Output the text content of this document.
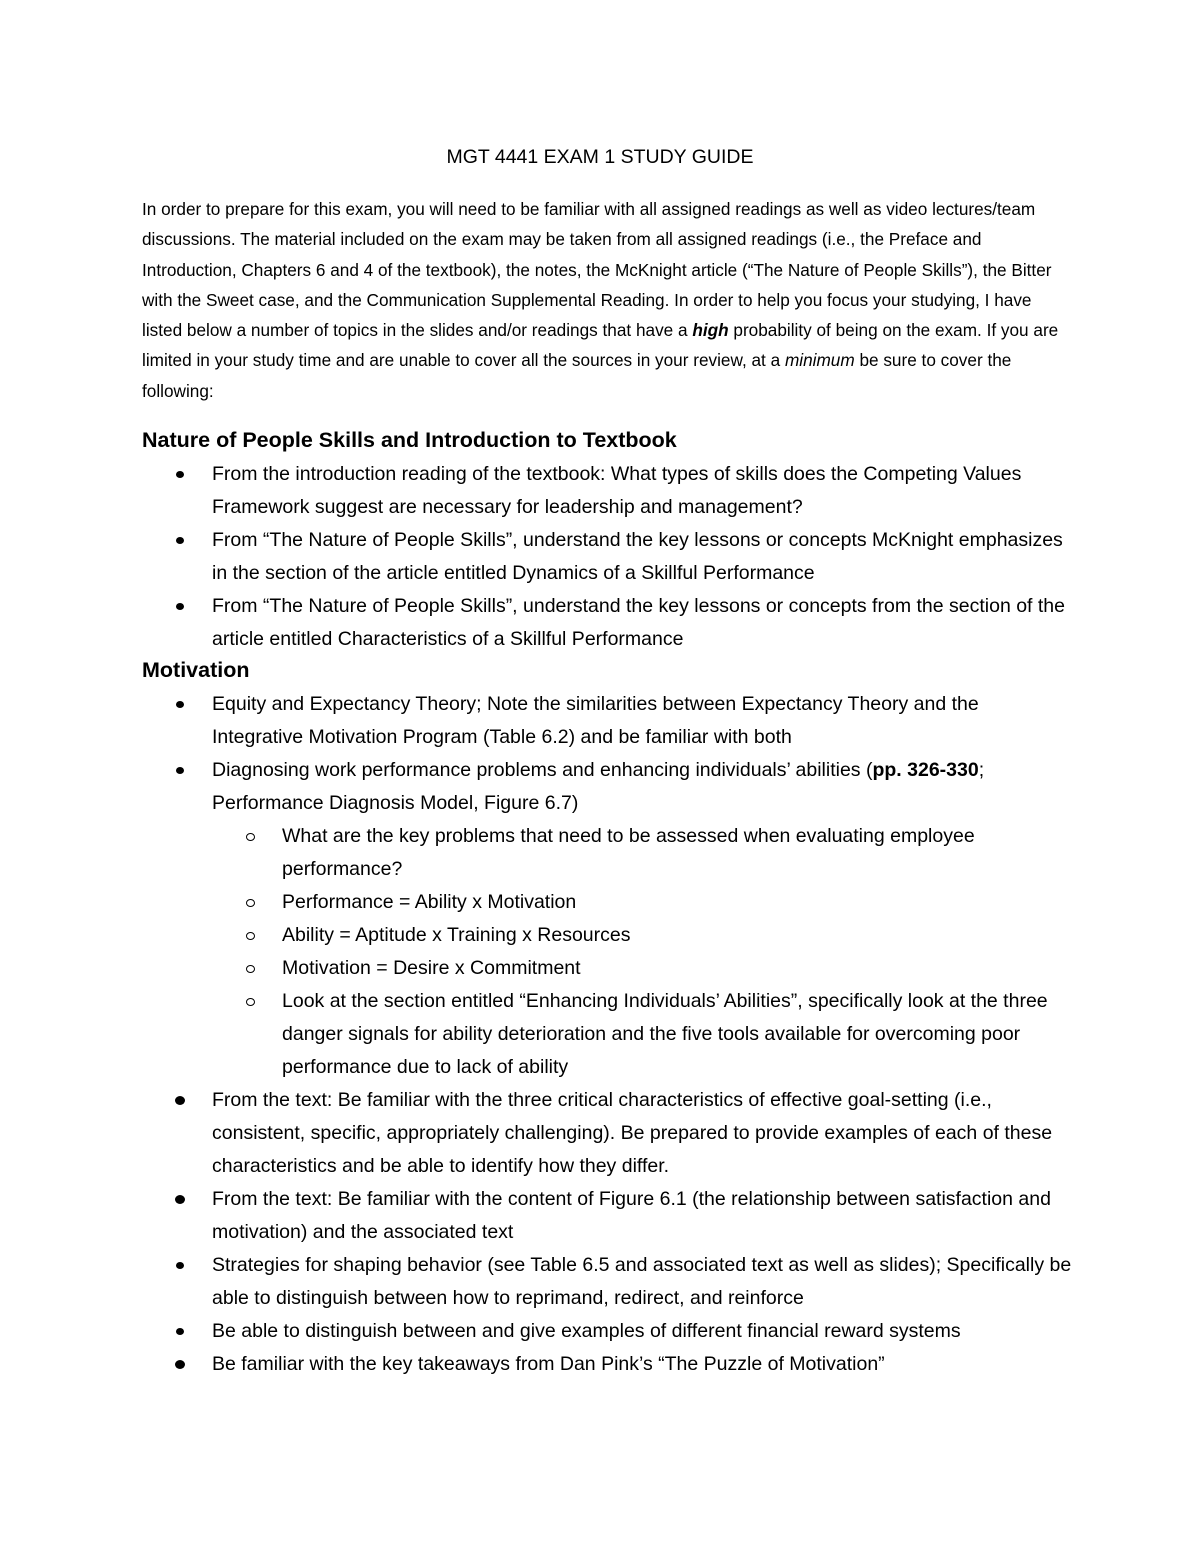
MGT 4441 EXAM 1 STUDY GUIDE

In order to prepare for this exam, you will need to be familiar with all assigned readings as well as video lectures/team discussions. The material included on the exam may be taken from all assigned readings (i.e., the Preface and Introduction, Chapters 6 and 4 of the textbook), the notes, the McKnight article (“The Nature of People Skills”), the Bitter with the Sweet case, and the Communication Supplemental Reading. In order to help you focus your studying, I have listed below a number of topics in the slides and/or readings that have a high probability of being on the exam. If you are limited in your study time and are unable to cover all the sources in your review, at a minimum be sure to cover the following:

Nature of People Skills and Introduction to Textbook
From the introduction reading of the textbook: What types of skills does the Competing Values Framework suggest are necessary for leadership and management?
From “The Nature of People Skills”, understand the key lessons or concepts McKnight emphasizes in the section of the article entitled Dynamics of a Skillful Performance
From “The Nature of People Skills”, understand the key lessons or concepts from the section of the article entitled Characteristics of a Skillful Performance
Motivation
Equity and Expectancy Theory; Note the similarities between Expectancy Theory and the Integrative Motivation Program (Table 6.2) and be familiar with both
Diagnosing work performance problems and enhancing individuals’ abilities (pp. 326-330; Performance Diagnosis Model, Figure 6.7)
What are the key problems that need to be assessed when evaluating employee performance?
Performance = Ability x Motivation
Ability = Aptitude x Training x Resources
Motivation = Desire x Commitment
Look at the section entitled “Enhancing Individuals’ Abilities”, specifically look at the three danger signals for ability deterioration and the five tools available for overcoming poor performance due to lack of ability
From the text: Be familiar with the three critical characteristics of effective goal-setting (i.e., consistent, specific, appropriately challenging). Be prepared to provide examples of each of these characteristics and be able to identify how they differ.
From the text: Be familiar with the content of Figure 6.1 (the relationship between satisfaction and motivation) and the associated text
Strategies for shaping behavior (see Table 6.5 and associated text as well as slides); Specifically be able to distinguish between how to reprimand, redirect, and reinforce
Be able to distinguish between and give examples of different financial reward systems
Be familiar with the key takeaways from Dan Pink’s “The Puzzle of Motivation”
